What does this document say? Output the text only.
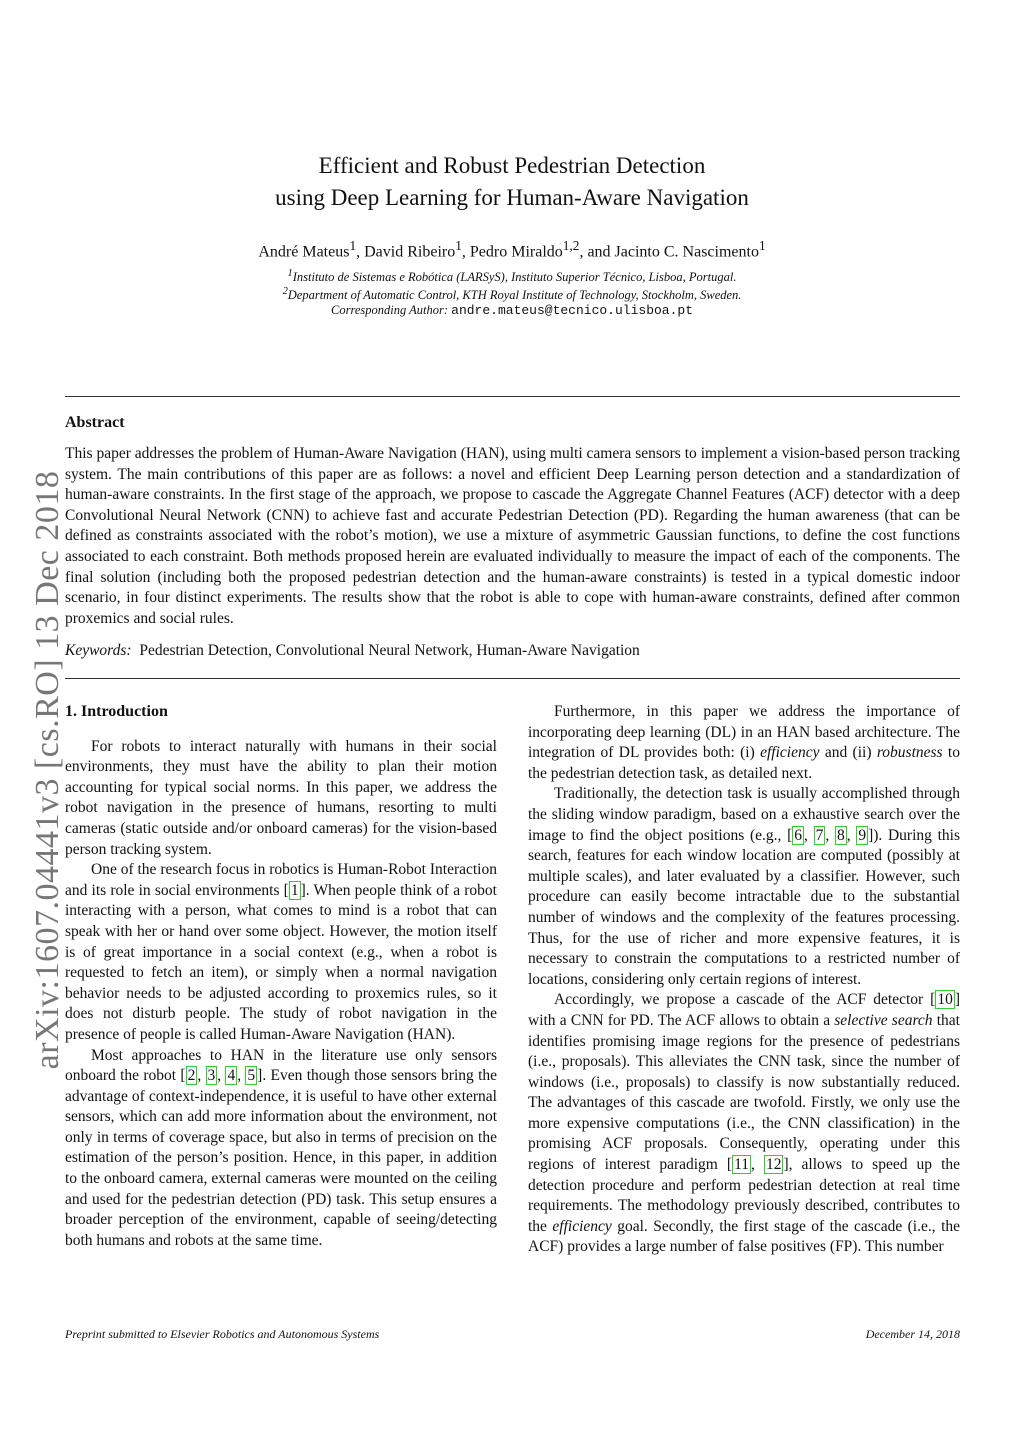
arXiv:1607.04441v3 [cs.RO] 13 Dec 2018
Efficient and Robust Pedestrian Detection
using Deep Learning for Human-Aware Navigation
André Mateus$^1$, David Ribeiro$^1$, Pedro Miraldo$^{1,2}$, and Jacinto C. Nascimento$^1$
$^1$Instituto de Sistemas e Robótica (LARSyS), Instituto Superior Técnico, Lisboa, Portugal.
$^2$Department of Automatic Control, KTH Royal Institute of Technology, Stockholm, Sweden.
Corresponding Author: andre.mateus@tecnico.ulisboa.pt
Abstract
This paper addresses the problem of Human-Aware Navigation (HAN), using multi camera sensors to implement a vision-based person tracking system. The main contributions of this paper are as follows: a novel and efficient Deep Learning person detection and a standardization of human-aware constraints. In the first stage of the approach, we propose to cascade the Aggregate Channel Features (ACF) detector with a deep Convolutional Neural Network (CNN) to achieve fast and accurate Pedestrian Detection (PD). Regarding the human awareness (that can be defined as constraints associated with the robot’s motion), we use a mixture of asymmetric Gaussian functions, to define the cost functions associated to each constraint. Both methods proposed herein are evaluated individually to measure the impact of each of the components. The final solution (including both the proposed pedestrian detection and the human-aware constraints) is tested in a typical domestic indoor scenario, in four distinct experiments. The results show that the robot is able to cope with human-aware constraints, defined after common proxemics and social rules.
Keywords: Pedestrian Detection, Convolutional Neural Network, Human-Aware Navigation
1. Introduction

For robots to interact naturally with humans in their social environments, they must have the ability to plan their motion accounting for typical social norms. In this paper, we address the robot navigation in the presence of humans, resorting to multi cameras (static outside and/or onboard cameras) for the vision-based person tracking system.

One of the research focus in robotics is Human-Robot Interaction and its role in social environments [ 1 ]. When people think of a robot interacting with a person, what comes to mind is a robot that can speak with her or hand over some object. However, the motion itself is of great importance in a social context (e.g., when a robot is requested to fetch an item), or simply when a normal navigation behavior needs to be adjusted according to proxemics rules, so it does not disturb people. The study of robot navigation in the presence of people is called Human-Aware Navigation (HAN).

Most approaches to HAN in the literature use only sensors onboard the robot [ 2 , 3 , 4 , 5 ]. Even though those sensors bring the advantage of context-independence, it is useful to have other external sensors, which can add more information about the environment, not only in terms of coverage space, but also in terms of precision on the estimation of the person’s position. Hence, in this paper, in addition to the onboard camera, external cameras were mounted on the ceiling and used for the pedestrian detection (PD) task. This setup ensures a broader perception of the environment, capable of seeing/detecting both humans and robots at the same time.

Furthermore, in this paper we address the importance of incorporating deep learning (DL) in an HAN based architecture. The integration of DL provides both: (i) efficiency and (ii) robustness to the pedestrian detection task, as detailed next.

Traditionally, the detection task is usually accomplished through the sliding window paradigm, based on a exhaustive search over the image to find the object positions (e.g., [ 6 , 7 , 8 , 9 ]). During this search, features for each window location are computed (possibly at multiple scales), and later evaluated by a classifier. However, such procedure can easily become intractable due to the substantial number of windows and the complexity of the features processing. Thus, for the use of richer and more expensive features, it is necessary to constrain the computations to a restricted number of locations, considering only certain regions of interest.

Accordingly, we propose a cascade of the ACF detector [ 10 ] with a CNN for PD. The ACF allows to obtain a selective search that identifies promising image regions for the presence of pedestrians (i.e., proposals). This alleviates the CNN task, since the number of windows (i.e., proposals) to classify is now substantially reduced. The advantages of this cascade are twofold. Firstly, we only use the more expensive computations (i.e., the CNN classification) in the promising ACF proposals. Consequently, operating under this regions of interest paradigm [ 11 , 12 ], allows to speed up the detection procedure and perform pedestrian detection at real time requirements. The methodology previously described, contributes to the efficiency goal. Secondly, the first stage of the cascade (i.e., the ACF) provides a large number of false positives (FP). This number

Preprint submitted to Elsevier Robotics and Autonomous Systems	December 14, 2018
